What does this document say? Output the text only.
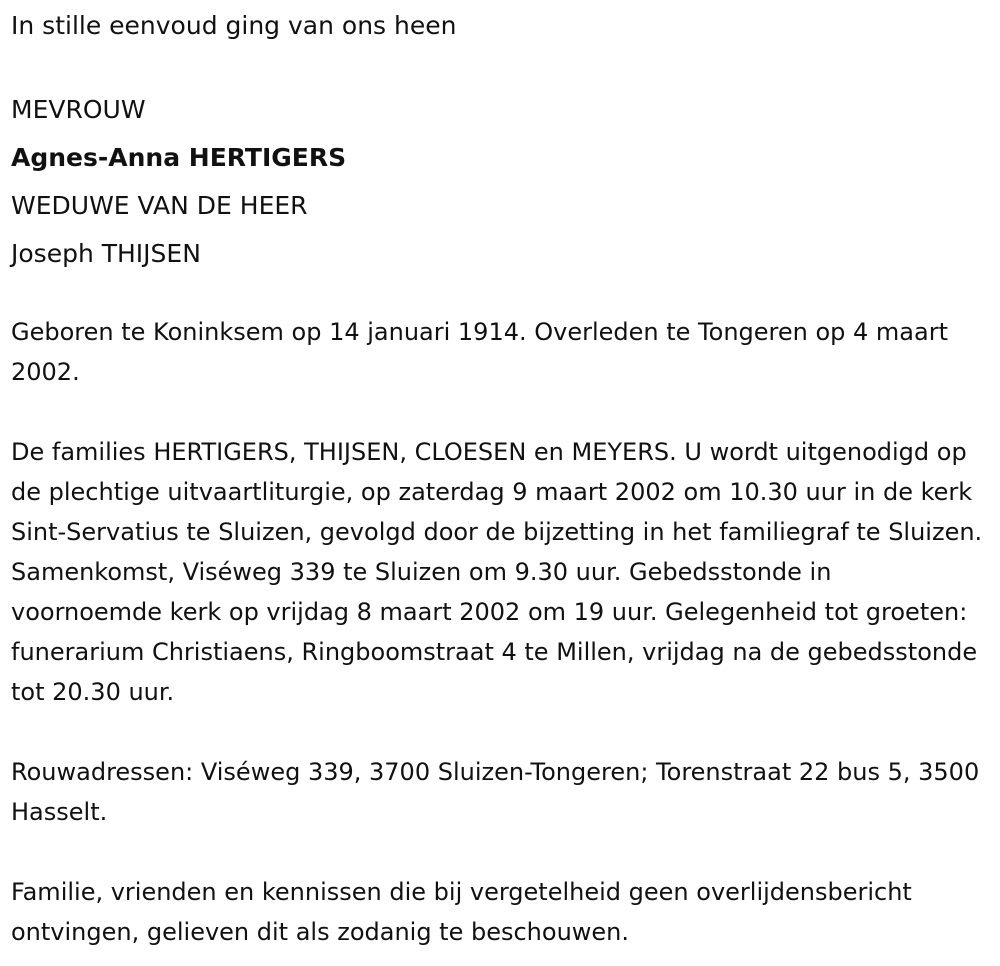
In stille eenvoud ging van ons heen
MEVROUW
Agnes-Anna HERTIGERS
WEDUWE VAN DE HEER
Joseph THIJSEN

Geboren te Koninksem op 14 januari 1914. Overleden te Tongeren op 4 maart 2002.

De families HERTIGERS, THIJSEN, CLOESEN en MEYERS. U wordt uitgenodigd op de plechtige uitvaartliturgie, op zaterdag 9 maart 2002 om 10.30 uur in de kerk Sint-Servatius te Sluizen, gevolgd door de bijzetting in het familiegraf te Sluizen. Samenkomst, Viséweg 339 te Sluizen om 9.30 uur. Gebedsstonde in voornoemde kerk op vrijdag 8 maart 2002 om 19 uur. Gelegenheid tot groeten: funerarium Christiaens, Ringboomstraat 4 te Millen, vrijdag na de gebedsstonde tot 20.30 uur.

Rouwadressen: Viséweg 339, 3700 Sluizen-Tongeren; Torenstraat 22 bus 5, 3500 Hasselt.

Familie, vrienden en kennissen die bij vergetelheid geen overlijdensbericht ontvingen, gelieven dit als zodanig te beschouwen.
